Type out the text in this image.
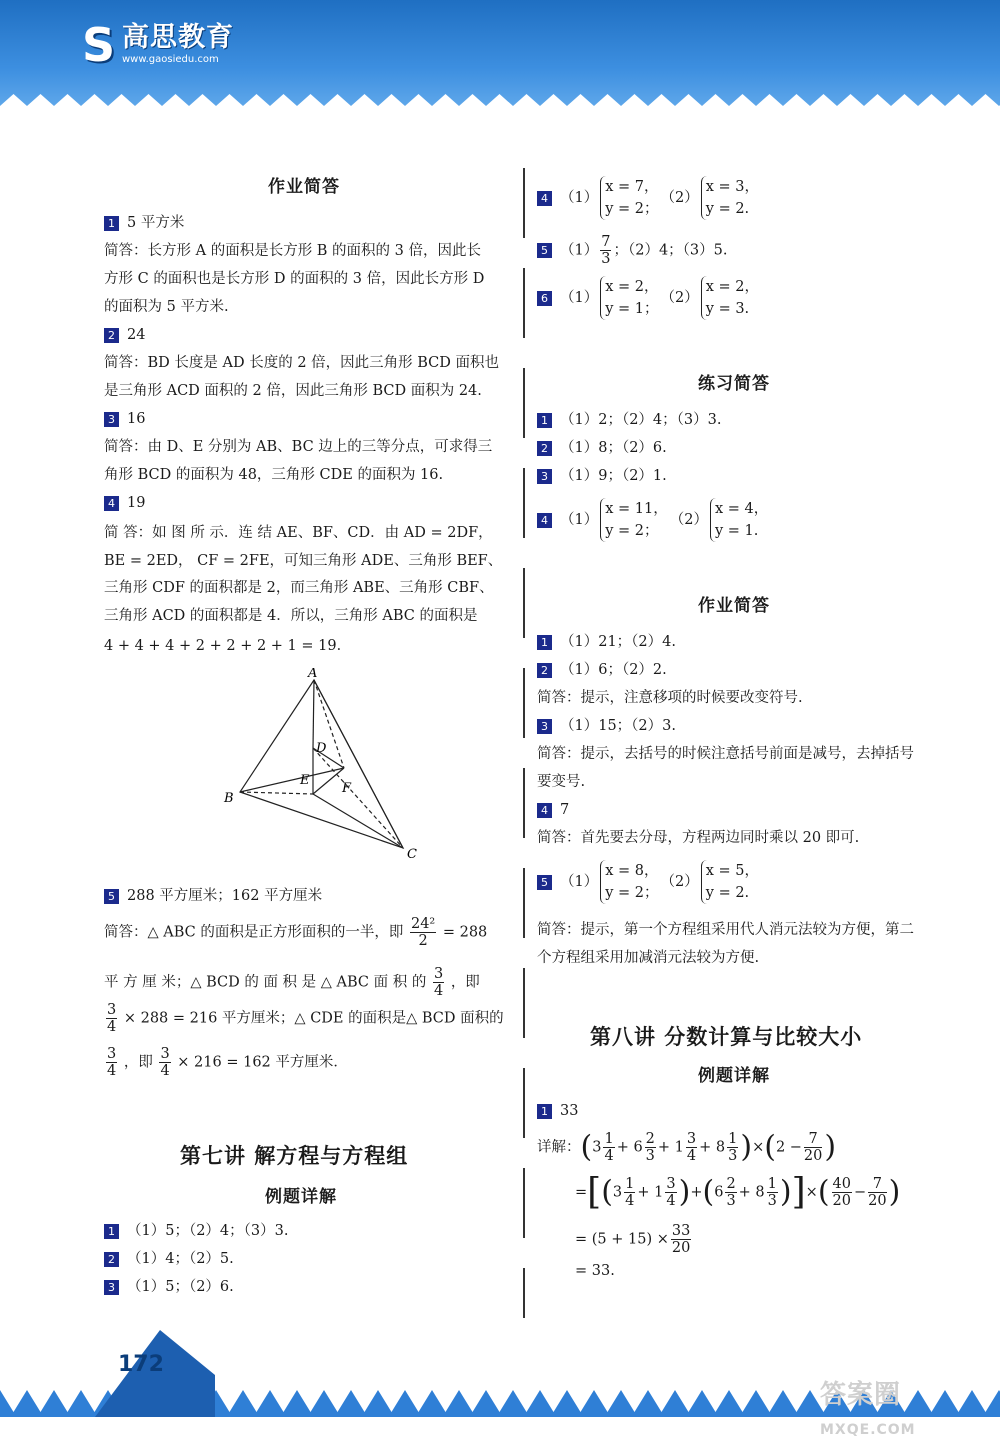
S 高思教育
www.gaosiedu.com
作业简答
1 5 平方米
简答：长方形 A 的面积是长方形 B 的面积的 3 倍，因此长
方形 C 的面积也是长方形 D 的面积的 3 倍，因此长方形 D
的面积为 5 平方米.
2 24
简答：BD 长度是 AD 长度的 2 倍，因此三角形 BCD 面积也
是三角形 ACD 面积的 2 倍，因此三角形 BCD 面积为 24.
3 16
简答：由 D、E 分别为 AB、BC 边上的三等分点，可求得三
角形 BCD 的面积为 48，三角形 CDE 的面积为 16.
4 19
简 答：如 图 所 示．连 结 AE、BF、CD．由 AD = 2DF，
BE = 2ED， CF = 2FE，可知三角形 ADE、三角形 BEF、
三角形 CDF 的面积都是 2，而三角形 ABE、三角形 CBF、
三角形 ACD 的面积都是 4．所以，三角形 ABC 的面积是
4 + 4 + 4 + 2 + 2 + 2 + 1 = 19．
A
B
C
D
E
F
5 288 平方厘米；162 平方厘米
简答：△ ABC 的面积是正方形面积的一半，即 $\frac{\text{24²}}{2} = 288$
平 方 厘 米；△ BCD 的 面 积 是 △ ABC 面 积 的 $\frac{3}{4}$ ，即
$\frac{3}{4} \times 288 = 216$ 平方厘米；△ CDE 的面积是△ BCD 面积的
$\frac{3}{4}$ ，即 $\frac{3}{4} \times 216 = 162$ 平方厘米．
第七讲 解方程与方程组
例题详解
1 （1）5；（2）4；（3）3.
2 （1）4；（2）5.
3 （1）5；（2）6.
4 （1）
x = 7，
y = 2；
（2）
x = 3，
y = 2.
5 $(1) \frac{7}{3}$ ；（2）4；（3）5.
6 （1）
x = 2，
y = 1；
（2）
x = 2，
y = 3.
练习简答
1 （1）2；（2）4；（3）3.
2 （1）8；（2）6.
3 （1）9；（2）1.
4 （1）
x = 11，
y = 2；
（2）
x = 4，
y = 1.
作业简答
1 （1）21；（2）4.
2 （1）6；（2）2.
简答：提示，注意移项的时候要改变符号.
3 （1）15；（2）3.
简答：提示，去括号的时候注意括号前面是减号，去掉括号
要变号.
4 7
简答：首先要去分母，方程两边同时乘以 20 即可.
5 （1）
x = 8，
y = 2；
（2）
x = 5，
y = 2.
简答：提示，第一个方程组采用代人消元法较为方便，第二
个方程组采用加减消元法较为方便.
第八讲 分数计算与比较大小
例题详解
1 33
详解：$(3 \frac{1}{4} + 6 \frac{2}{3} + 1 \frac{3}{4} + 8 \frac{1}{3} )\times(2 - \frac{7}{20}$ )
$=[(3 \frac{1}{4} + 1 \frac{3}{4} )+(6 \frac{2}{3} + 8 \frac{1}{3}$ )]×( $\frac{40}{20} - \frac{7}{20}$ )
= $(5 + 15) \times \frac{33}{20}$
= 33.
172
答案圈 MXQE.COM
